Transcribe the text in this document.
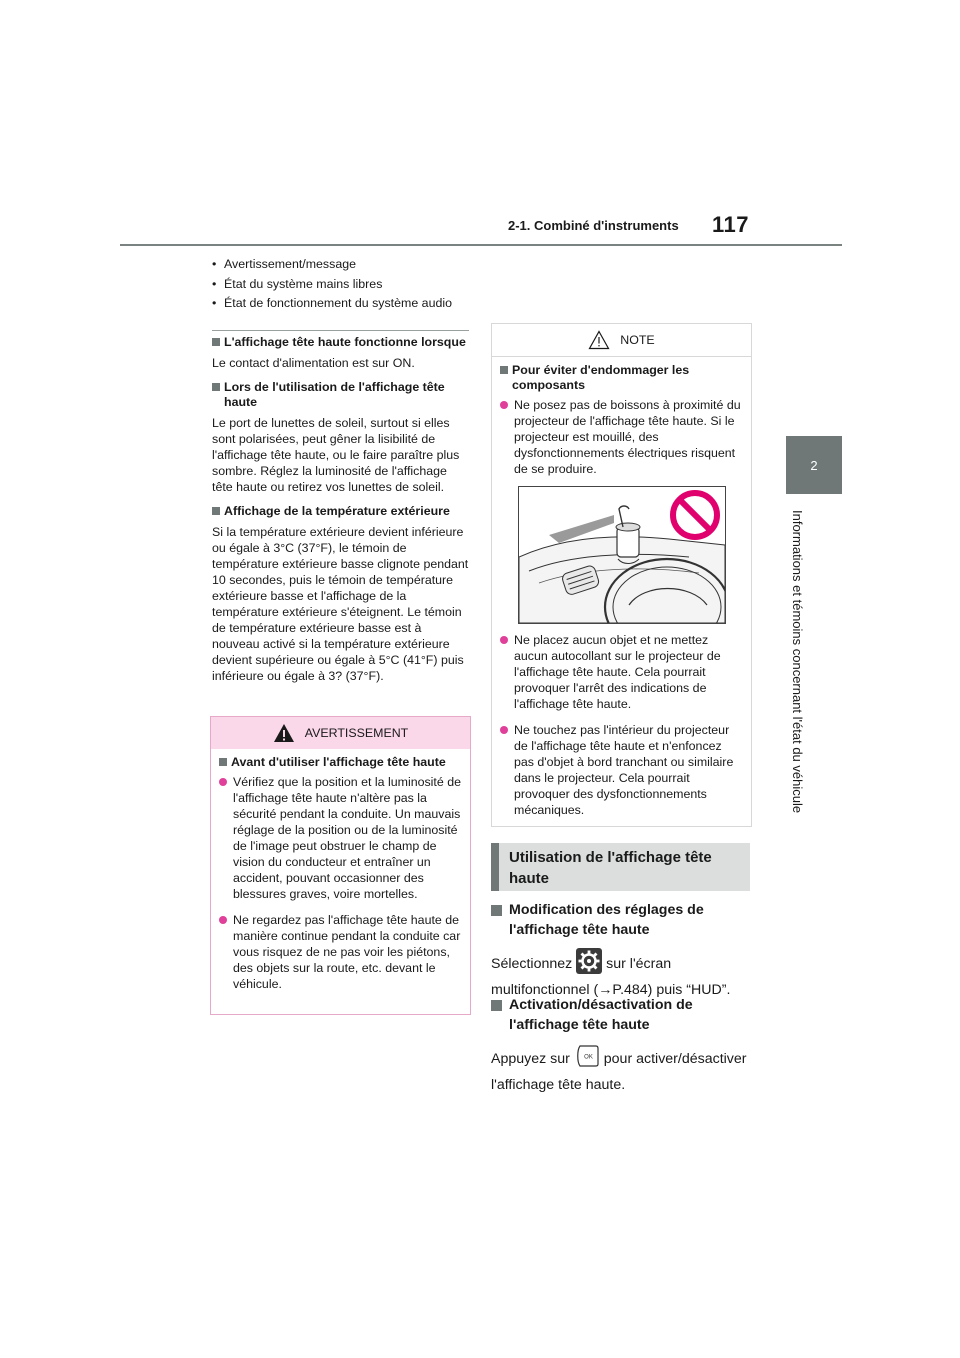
2-1. Combiné d'instruments 117
2
Informations et témoins concernant l'état du véhicule
• Avertissement/message
• État du système mains libres
• État de fonctionnement du système audio
L'affichage tête haute fonctionne lorsque
Le contact d'alimentation est sur ON.
Lors de l'utilisation de l'affichage tête haute
Le port de lunettes de soleil, surtout si elles sont polarisées, peut gêner la lisibilité de l'affichage tête haute, ou le faire paraître plus sombre. Réglez la luminosité de l'affichage tête haute ou retirez vos lunettes de soleil.
Affichage de la température extérieure
Si la température extérieure devient inférieure ou égale à 3°C (37°F), le témoin de température extérieure basse clignote pendant 10 secondes, puis le témoin de température extérieure basse et l'affichage de la température extérieure s'éteignent. Le témoin de température extérieure basse est à nouveau activé si la température extérieure devient supérieure ou égale à 5°C (41°F) puis inférieure ou égale à 3? (37°F).
AVERTISSEMENT
Avant d'utiliser l'affichage tête haute
Vérifiez que la position et la luminosité de l'affichage tête haute n'altère pas la sécurité pendant la conduite. Un mauvais réglage de la position ou de la luminosité de l'image peut obstruer le champ de vision du conducteur et entraîner un accident, pouvant occasionner des blessures graves, voire mortelles.
Ne regardez pas l'affichage tête haute de manière continue pendant la conduite car vous risquez de ne pas voir les piétons, des objets sur la route, etc. devant le véhicule.
NOTE
Pour éviter d'endommager les composants
Ne posez pas de boissons à proximité du projecteur de l'affichage tête haute. Si le projecteur est mouillé, des dysfonctionnements électriques risquent de se produire.
Ne placez aucun objet et ne mettez aucun autocollant sur le projecteur de l'affichage tête haute. Cela pourrait provoquer l'arrêt des indications de l'affichage tête haute.
Ne touchez pas l'intérieur du projecteur de l'affichage tête haute et n'enfoncez pas d'objet à bord tranchant ou similaire dans le projecteur. Cela pourrait provoquer des dysfonctionnements mécaniques.
Utilisation de l'affichage tête haute
Modification des réglages de l'affichage tête haute
Sélectionnez sur l'écran multifonctionnel (→P.484) puis “HUD”.
Activation/désactivation de l'affichage tête haute
Appuyez sur OK pour activer/désactiver l'affichage tête haute.
